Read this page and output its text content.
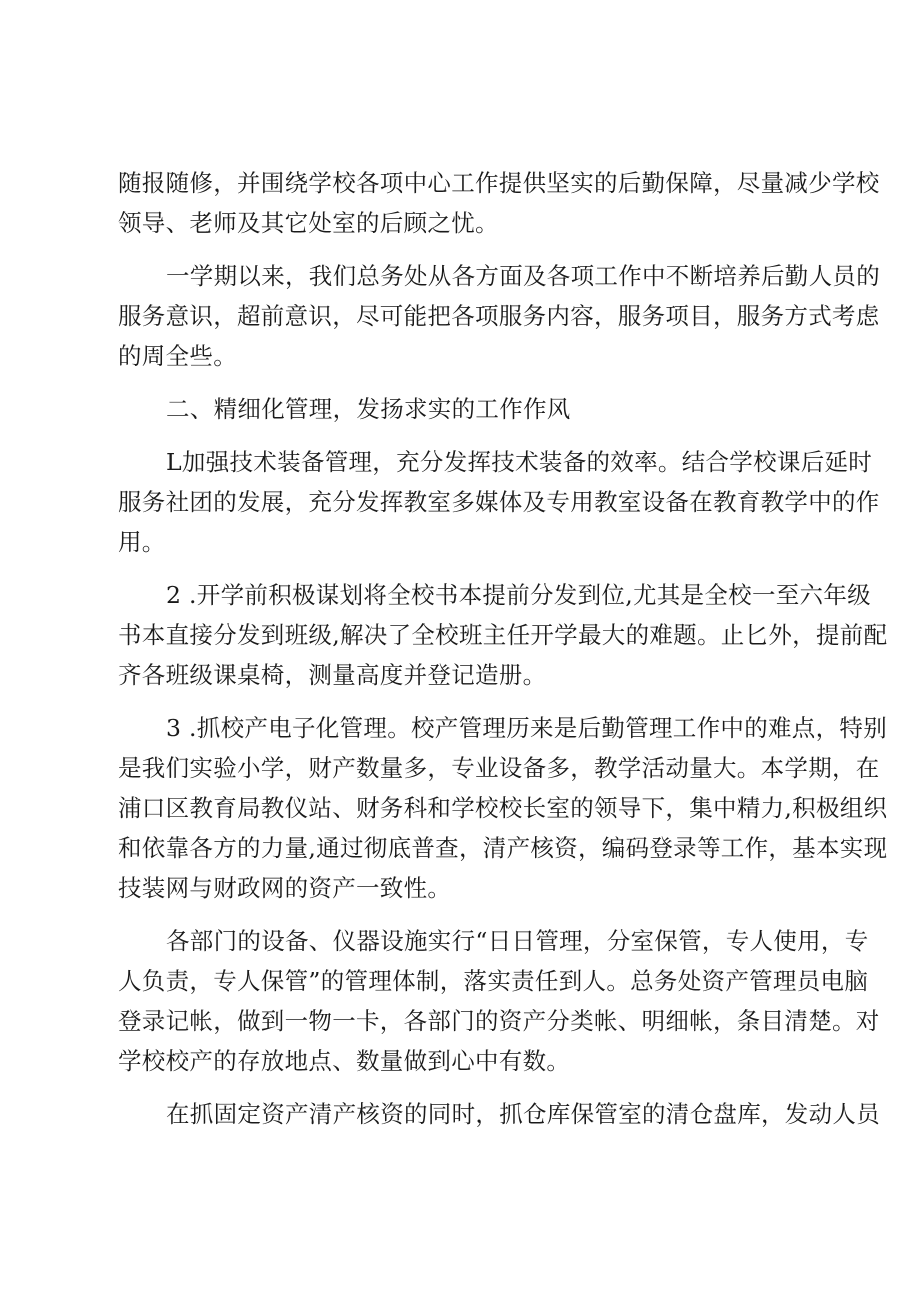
随报随修，并围绕学校各项中心工作提供坚实的后勤保障，尽量减少学校

领导、老师及其它处室的后顾之忧。

一学期以来，我们总务处从各方面及各项工作中不断培养后勤人员的

服务意识，超前意识，尽可能把各项服务内容，服务项目，服务方式考虑

的周全些。

二、精细化管理，发扬求实的工作作风

L加强技术装备管理，充分发挥技术装备的效率。结合学校课后延时

服务社团的发展，充分发挥教室多媒体及专用教室设备在教育教学中的作

用。

2 .开学前积极谋划将全校书本提前分发到位,尤其是全校一至六年级

书本直接分发到班级,解决了全校班主任开学最大的难题。止匕外，提前配

齐各班级课桌椅，测量高度并登记造册。

3 .抓校产电子化管理。校产管理历来是后勤管理工作中的难点，特别

是我们实验小学，财产数量多，专业设备多，教学活动量大。本学期，在

浦口区教育局教仪站、财务科和学校校长室的领导下，集中精力,积极组织

和依靠各方的力量,通过彻底普查，清产核资，编码登录等工作，基本实现

技装网与财政网的资产一致性。

各部门的设备、仪器设施实行“日日管理，分室保管，专人使用，专

人负责，专人保管”的管理体制，落实责任到人。总务处资产管理员电脑

登录记帐，做到一物一卡，各部门的资产分类帐、明细帐，条目清楚。对

学校校产的存放地点、数量做到心中有数。

在抓固定资产清产核资的同时，抓仓库保管室的清仓盘库，发动人员
